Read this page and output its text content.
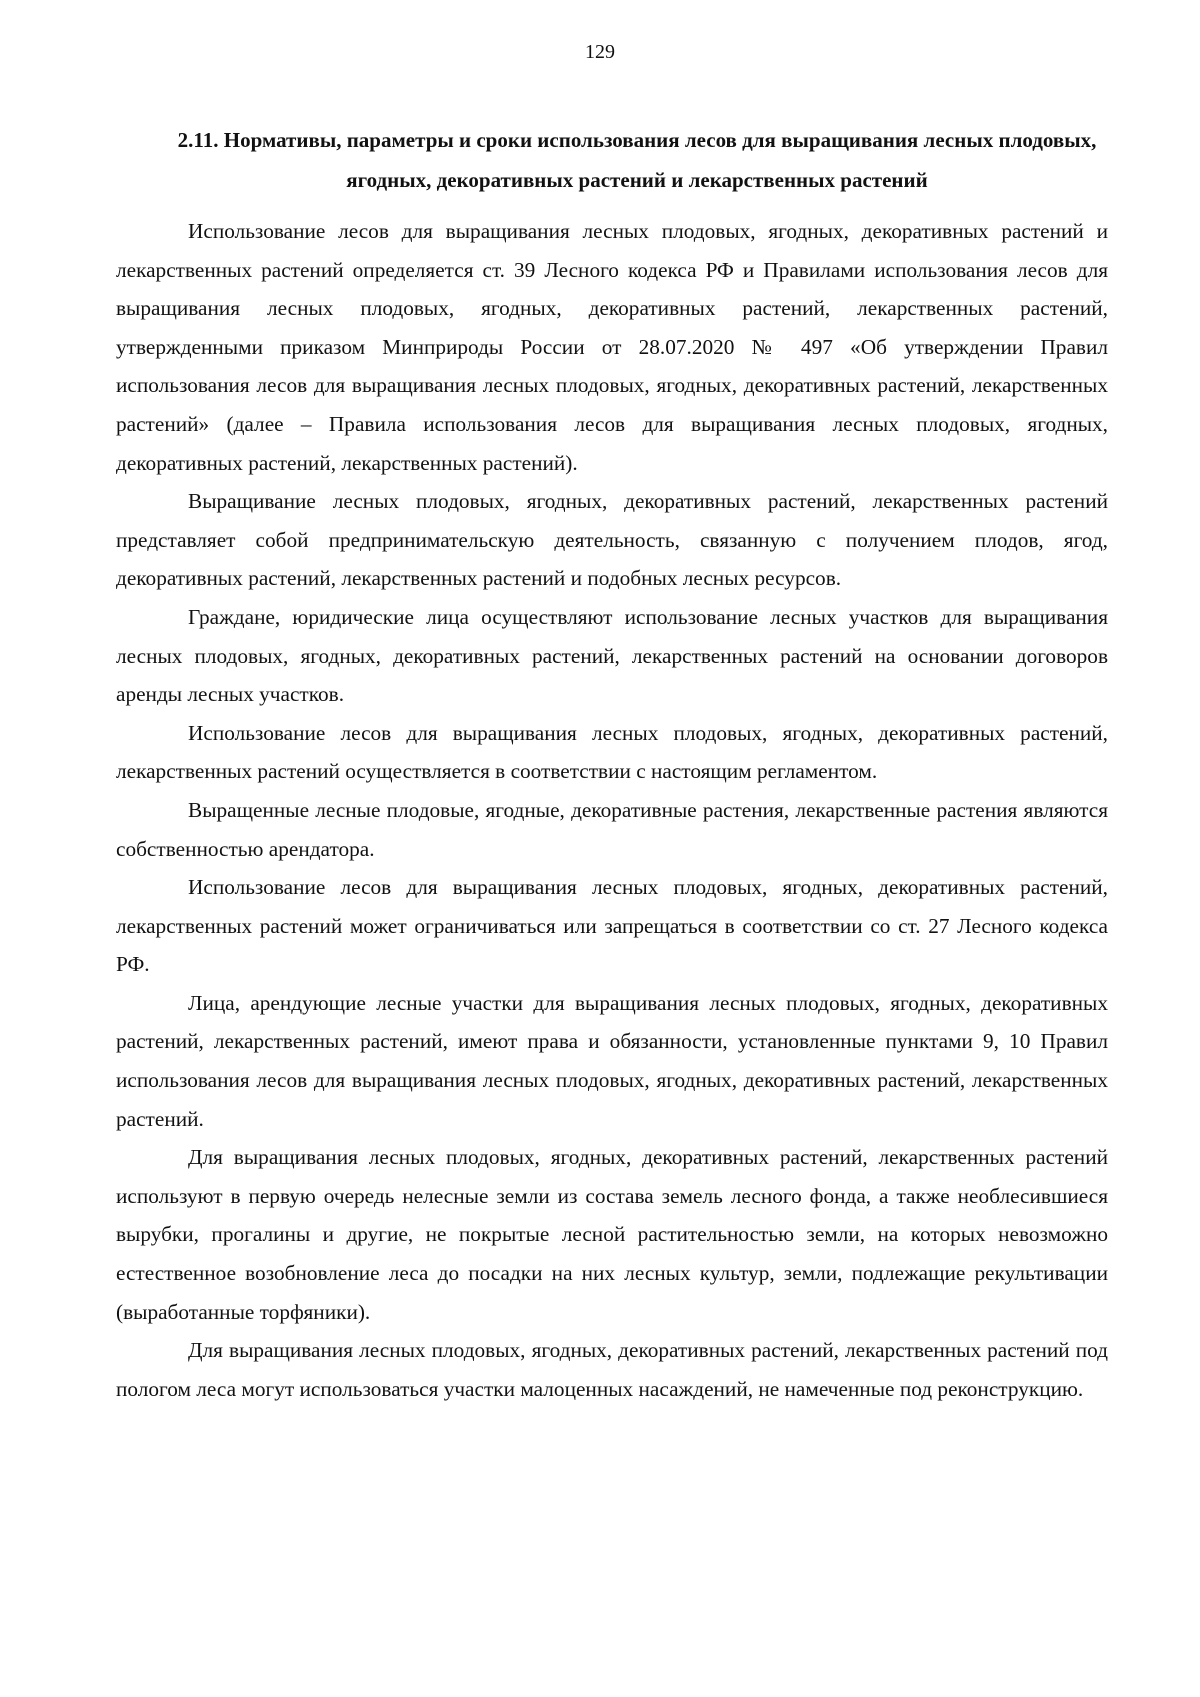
129
2.11. Нормативы, параметры и сроки использования лесов для выращивания лесных плодовых, ягодных, декоративных растений и лекарственных растений

Использование лесов для выращивания лесных плодовых, ягодных, декоративных растений и лекарственных растений определяется ст. 39 Лесного кодекса РФ и Правилами использования лесов для выращивания лесных плодовых, ягодных, декоративных растений, лекарственных растений, утвержденными приказом Минприроды России от 28.07.2020 № 497 «Об утверждении Правил использования лесов для выращивания лесных плодовых, ягодных, декоративных растений, лекарственных растений» (далее – Правила использования лесов для выращивания лесных плодовых, ягодных, декоративных растений, лекарственных растений).

Выращивание лесных плодовых, ягодных, декоративных растений, лекарственных растений представляет собой предпринимательскую деятельность, связанную с получением плодов, ягод, декоративных растений, лекарственных растений и подобных лесных ресурсов.

Граждане, юридические лица осуществляют использование лесных участков для выращивания лесных плодовых, ягодных, декоративных растений, лекарственных растений на основании договоров аренды лесных участков.

Использование лесов для выращивания лесных плодовых, ягодных, декоративных растений, лекарственных растений осуществляется в соответствии с настоящим регламентом.

Выращенные лесные плодовые, ягодные, декоративные растения, лекарственные растения являются собственностью арендатора.

Использование лесов для выращивания лесных плодовых, ягодных, декоративных растений, лекарственных растений может ограничиваться или запрещаться в соответствии со ст. 27 Лесного кодекса РФ.

Лица, арендующие лесные участки для выращивания лесных плодовых, ягодных, декоративных растений, лекарственных растений, имеют права и обязанности, установленные пунктами 9, 10 Правил использования лесов для выращивания лесных плодовых, ягодных, декоративных растений, лекарственных растений.

Для выращивания лесных плодовых, ягодных, декоративных растений, лекарственных растений используют в первую очередь нелесные земли из состава земель лесного фонда, а также необлесившиеся вырубки, прогалины и другие, не покрытые лесной растительностью земли, на которых невозможно естественное возобновление леса до посадки на них лесных культур, земли, подлежащие рекультивации (выработанные торфяники).

Для выращивания лесных плодовых, ягодных, декоративных растений, лекарственных растений под пологом леса могут использоваться участки малоценных насаждений, не намеченные под реконструкцию.
